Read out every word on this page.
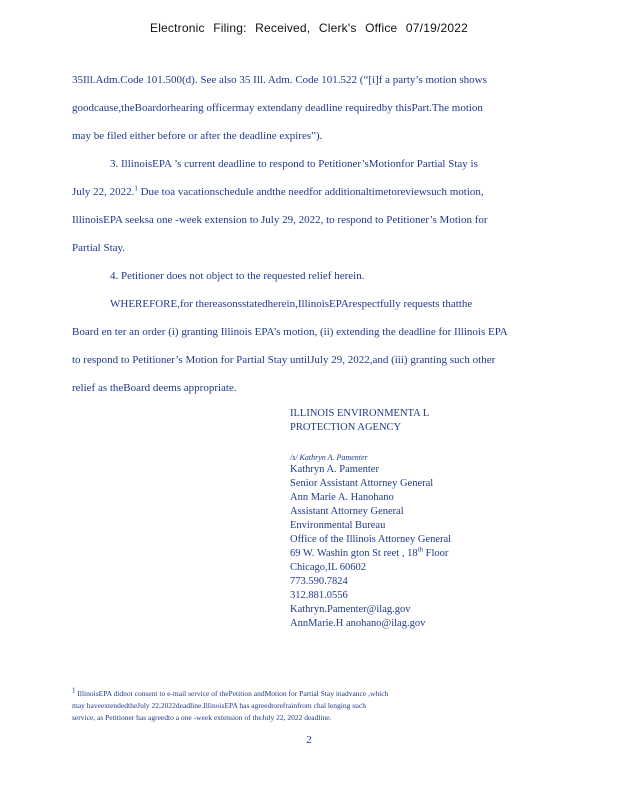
Electronic Filing: Received, Clerk's Office 07/19/2022
35Ill.Adm.Code 101.500(d). See also 35 Ill. Adm. Code 101.522 (“[i]f a party’s motion shows
goodcause,theBoardorhearing officermay extendany deadline requiredby thisPart.The motion
may be filed either before or after the deadline expires”).
3. IllinoisEPA ’s current deadline to respond to Petitioner’sMotionfor Partial Stay is
July 22, 2022.$^1$ Due toa vacationschedule andthe needfor additionaltimetoreviewsuch motion,
IllinoisEPA seeksa one -week extension to July 29, 2022, to respond to Petitioner’s Motion for
Partial Stay.
4. Petitioner does not object to the requested relief herein.
WHEREFORE,for thereasonsstatedherein,IllinoisEPArespectfully requests thatthe
Board en ter an order (i) granting Illinois EPA’s motion, (ii) extending the deadline for Illinois EPA
to respond to Petitioner’s Motion for Partial Stay untilJuly 29, 2022,and (iii) granting such other
relief as theBoard deems appropriate.
ILLINOIS ENVIRONMENTA L
PROTECTION AGENCY
/s/ Kathryn A. Pamenter
Kathryn A. Pamenter
Senior Assistant Attorney General
Ann Marie A. Hanohano
Assistant Attorney General
Environmental Bureau
Office of the Illinois Attorney General
69 W. Washin gton St reet , 18th Floor
Chicago,IL 60602
773.590.7824
312.881.0556
Kathryn.Pamenter@ilag.gov
AnnMarie.H anohano@ilag.gov
$^1$ IllinoisEPA didnot consent to e-mail service of thePetition andMotion for Partial Stay inadvance ,which
may haveextendedtheJuly 22,2022deadline.IllinoisEPA has agreedtorefrainfrom chal lenging such
service, as Petitioner has agreedto a one -week extension of theJuly 22, 2022 deadline.
2
